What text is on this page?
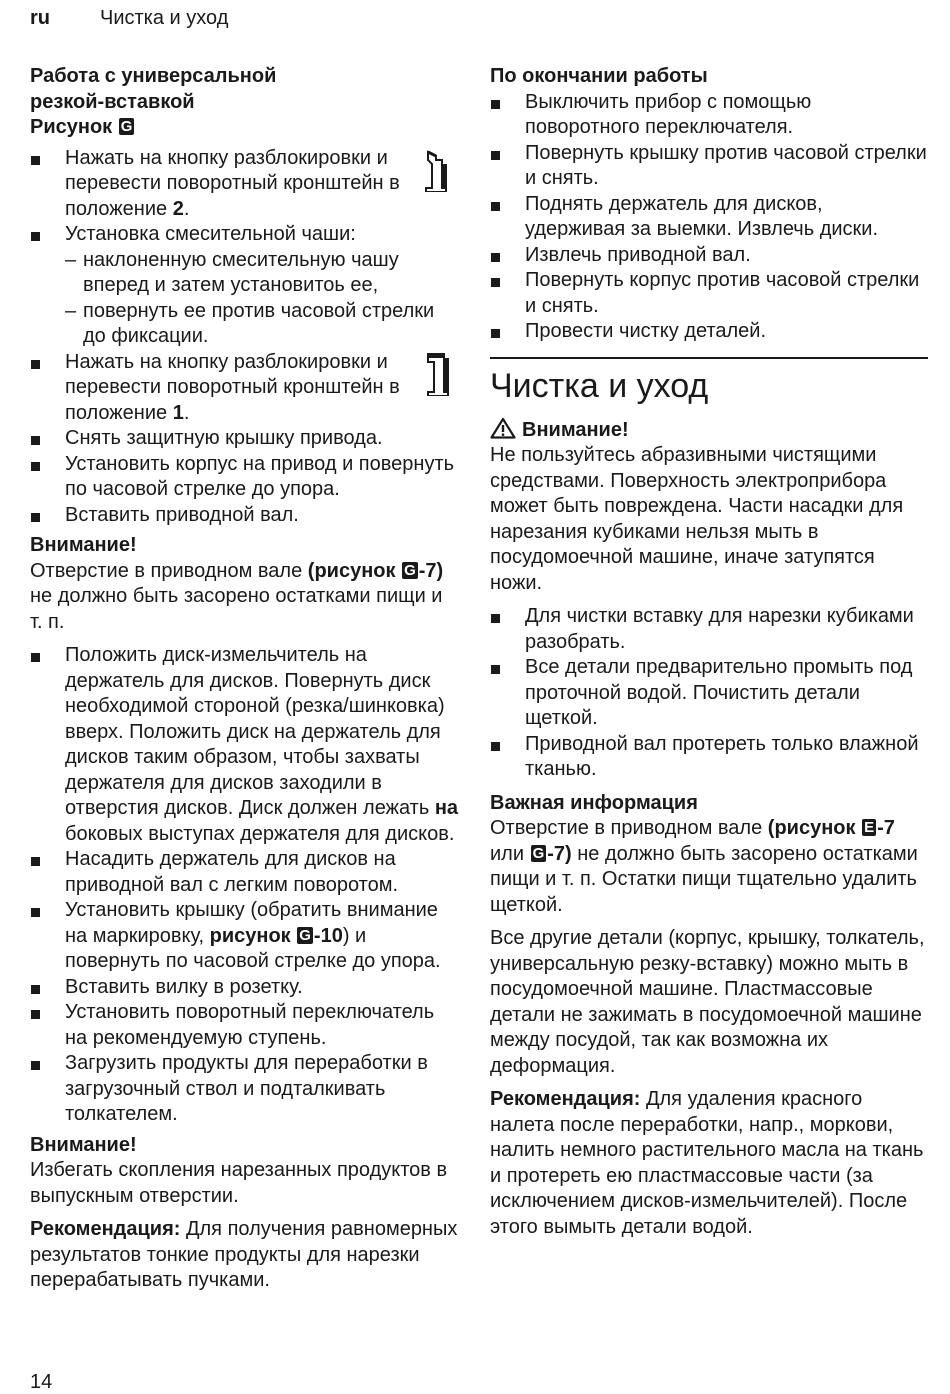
ru	Чистка и уход

Работа с универсальной
резкой-вставкой
Рисунок G

Нажать на кнопку разблокировки и перевести поворотный кронштейн в положение 2.
Установка смесительной чаши:
– наклоненную смесительную чашу вперед и затем установитоь ее,
– повернуть ее против часовой стрелки до фиксации.
Нажать на кнопку разблокировки и перевести поворотный кронштейн в положение 1.
Снять защитную крышку привода.
Установить корпус на привод и повернуть по часовой стрелке до упора.
Вставить приводной вал.

Внимание!

Отверстие в приводном вале (рисунок G -7) не должно быть засорено остатками пищи и т. п.

Положить диск-измельчитель на держатель для дисков. Повернуть диск необходимой стороной (резка/шинковка) вверх. Положить диск на держатель для дисков таким образом, чтобы захваты держателя для дисков заходили в отверстия дисков. Диск должен лежать на боковых выступах держателя для дисков.
Насадить держатель для дисков на приводной вал с легким поворотом.
Установить крышку (обратить внимание на маркировку, рисунок G -10) и повернуть по часовой стрелке до упора.
Вставить вилку в розетку.
Установить поворотный переключатель на рекомендуемую ступень.
Загрузить продукты для переработки в загрузочный ствол и подталкивать толкателем.

Внимание!

Избегать скопления нарезанных продуктов в выпускным отверстии.

Рекомендация: Для получения равномерных результатов тонкие продукты для нарезки перерабатывать пучками.

По окончании работы

Выключить прибор с помощью поворотного переключателя.
Повернуть крышку против часовой стрелки и снять.
Поднять держатель для дисков, удерживая за выемки. Извлечь диски.
Извлечь приводной вал.
Повернуть корпус против часовой стрелки и снять.
Провести чистку деталей.
Чистка и уход

Внимание!

Не пользуйтесь абразивными чистящими средствами. Поверхность электроприбора может быть повреждена. Части насадки для нарезания кубиками нельзя мыть в посудомоечной машине, иначе затупятся ножи.

Для чистки вставку для нарезки кубиками разобрать.
Все детали предварительно промыть под проточной водой. Почистить детали щеткой.
Приводной вал протереть только влажной тканью.

Важная информация

Отверстие в приводном вале (рисунок E -7 или G -7) не должно быть засорено остатками пищи и т. п. Остатки пищи тщательно удалить щеткой.

Все другие детали (корпус, крышку, толкатель, универсальную резку-вставку) можно мыть в посудомоечной машине. Пластмассовые детали не зажимать в посудомоечной машине между посудой, так как возможна их деформация.

Рекомендация: Для удаления красного налета после переработки, напр., моркови, налить немного растительного масла на ткань и протереть ею пластмассовые части (за исключением дисков-измельчителей). После этого вымыть детали водой.

14
